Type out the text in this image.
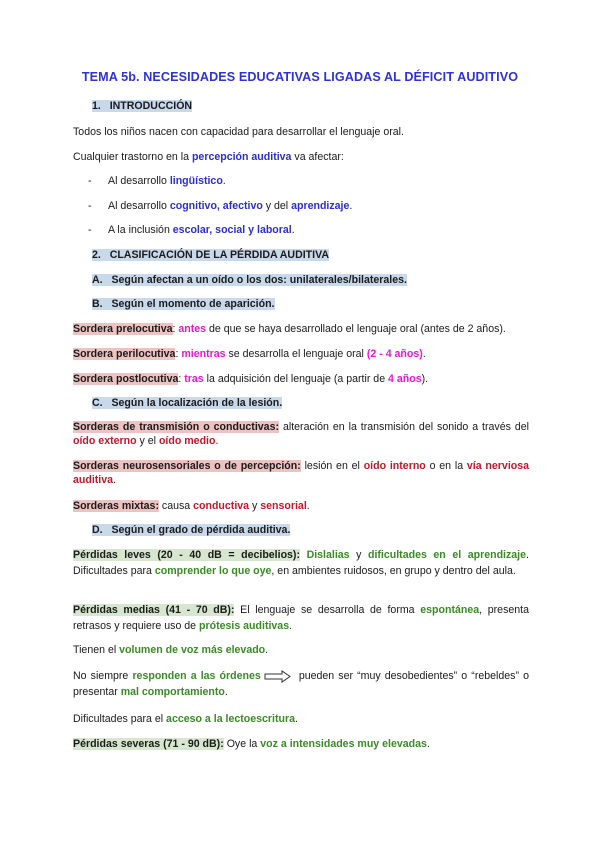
TEMA 5b. NECESIDADES EDUCATIVAS LIGADAS AL DÉFICIT AUDITIVO
1. INTRODUCCIÓN
Todos los niños nacen con capacidad para desarrollar el lenguaje oral.
Cualquier trastorno en la percepción auditiva va afectar:
- Al desarrollo lingüístico.
- Al desarrollo cognitivo, afectivo y del aprendizaje.
- A la inclusión escolar, social y laboral.
2. CLASIFICACIÓN DE LA PÉRDIDA AUDITIVA
A. Según afectan a un oído o los dos: unilaterales/bilaterales.
B. Según el momento de aparición.
Sordera prelocutiva: antes de que se haya desarrollado el lenguaje oral (antes de 2 años).
Sordera perilocutiva: mientras se desarrolla el lenguaje oral (2 - 4 años).
Sordera postlocutiva: tras la adquisición del lenguaje (a partir de 4 años).
C. Según la localización de la lesión.
Sorderas de transmisión o conductivas: alteración en la transmisión del sonido a través del oído externo y el oído medio.
Sorderas neurosensoriales o de percepción: lesión en el oído interno o en la vía nerviosa auditiva.
Sorderas mixtas: causa conductiva y sensorial.
D. Según el grado de pérdida auditiva.
Pérdidas leves (20 - 40 dB = decibelios): Dislalias y dificultades en el aprendizaje. Dificultades para comprender lo que oye, en ambientes ruidosos, en grupo y dentro del aula.
Pérdidas medias (41 - 70 dB): El lenguaje se desarrolla de forma espontánea, presenta retrasos y requiere uso de prótesis auditivas.
Tienen el volumen de voz más elevado.
No siempre responden a las órdenes	pueden ser “muy desobedientes” o “rebeldes” o presentar mal comportamiento.
Dificultades para el acceso a la lectoescritura.
Pérdidas severas (71 - 90 dB): Oye la voz a intensidades muy elevadas.
